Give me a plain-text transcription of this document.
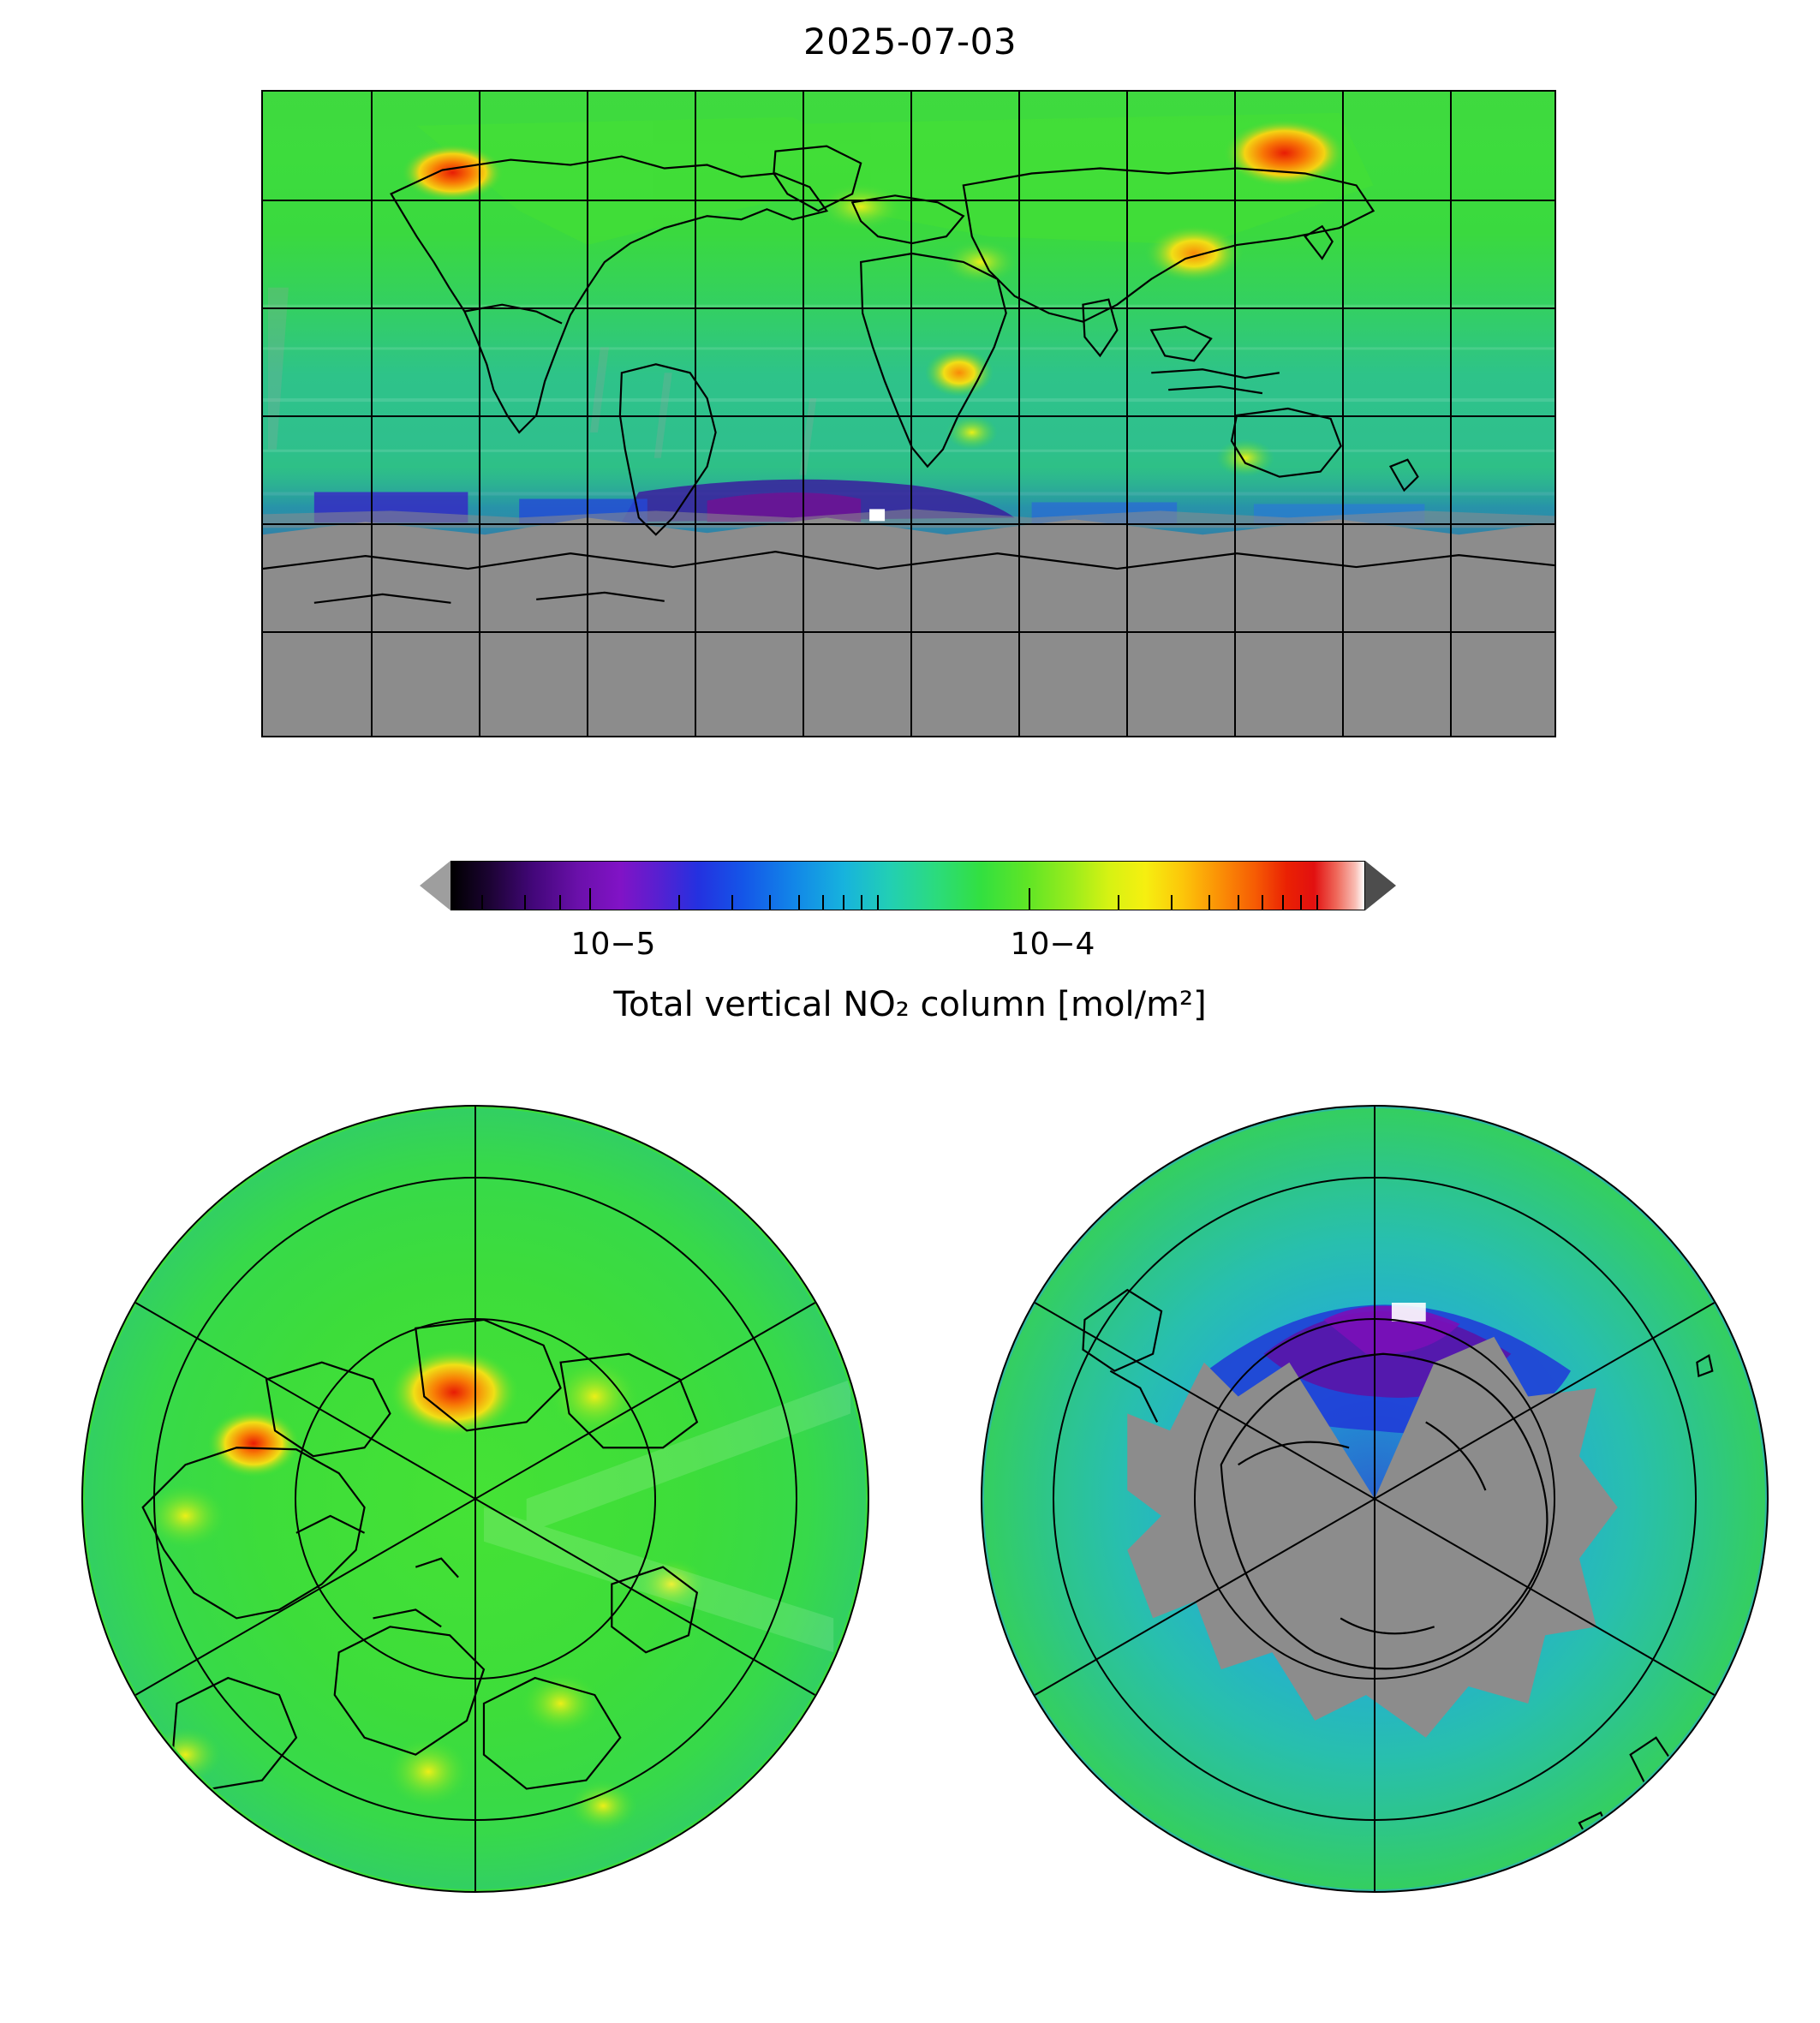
2025-07-03
10−5	10−4
Total vertical NO₂ column [mol/m²]
